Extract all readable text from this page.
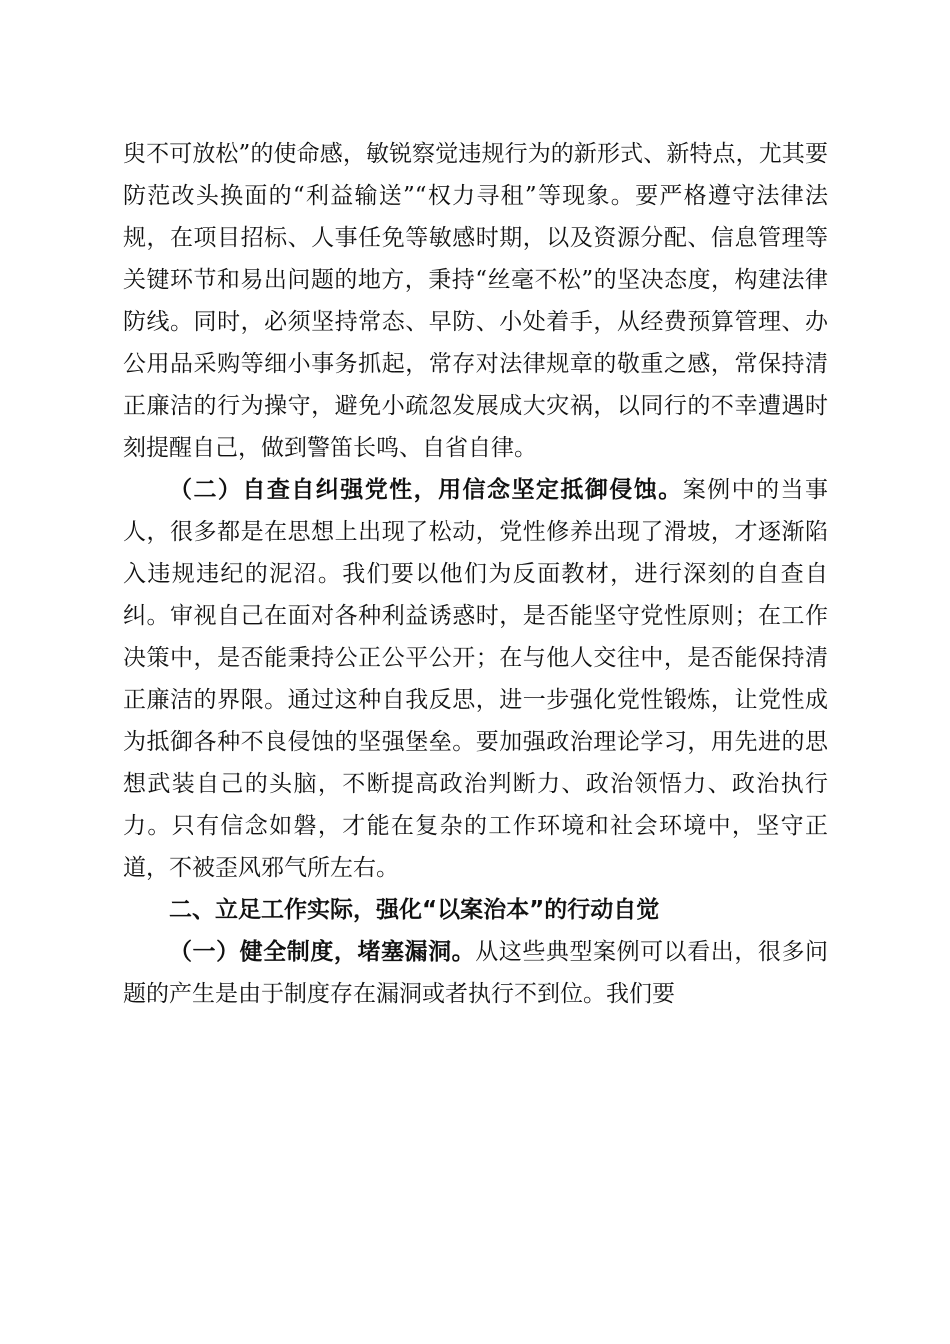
臾不可放松”的使命感，敏锐察觉违规行为的新形式、新特点，尤其要防范改头换面的“利益输送”“权力寻租”等现象。要严格遵守法律法规，在项目招标、人事任免等敏感时期，以及资源分配、信息管理等关键环节和易出问题的地方，秉持“丝毫不松”的坚决态度，构建法律防线。同时，必须坚持常态、早防、小处着手，从经费预算管理、办公用品采购等细小事务抓起，常存对法律规章的敬重之感，常保持清正廉洁的行为操守，避免小疏忽发展成大灾祸，以同行的不幸遭遇时刻提醒自己，做到警笛长鸣、自省自律。

（二）自查自纠强党性，用信念坚定抵御侵蚀。案例中的当事人，很多都是在思想上出现了松动，党性修养出现了滑坡，才逐渐陷入违规违纪的泥沼。我们要以他们为反面教材，进行深刻的自查自纠。审视自己在面对各种利益诱惑时，是否能坚守党性原则；在工作决策中，是否能秉持公正公平公开；在与他人交往中，是否能保持清正廉洁的界限。通过这种自我反思，进一步强化党性锻炼，让党性成为抵御各种不良侵蚀的坚强堡垒。要加强政治理论学习，用先进的思想武装自己的头脑，不断提高政治判断力、政治领悟力、政治执行力。只有信念如磐，才能在复杂的工作环境和社会环境中，坚守正道，不被歪风邪气所左右。

二、立足工作实际，强化“以案治本”的行动自觉

（一）健全制度，堵塞漏洞。从这些典型案例可以看出，很多问题的产生是由于制度存在漏洞或者执行不到位。我们要
